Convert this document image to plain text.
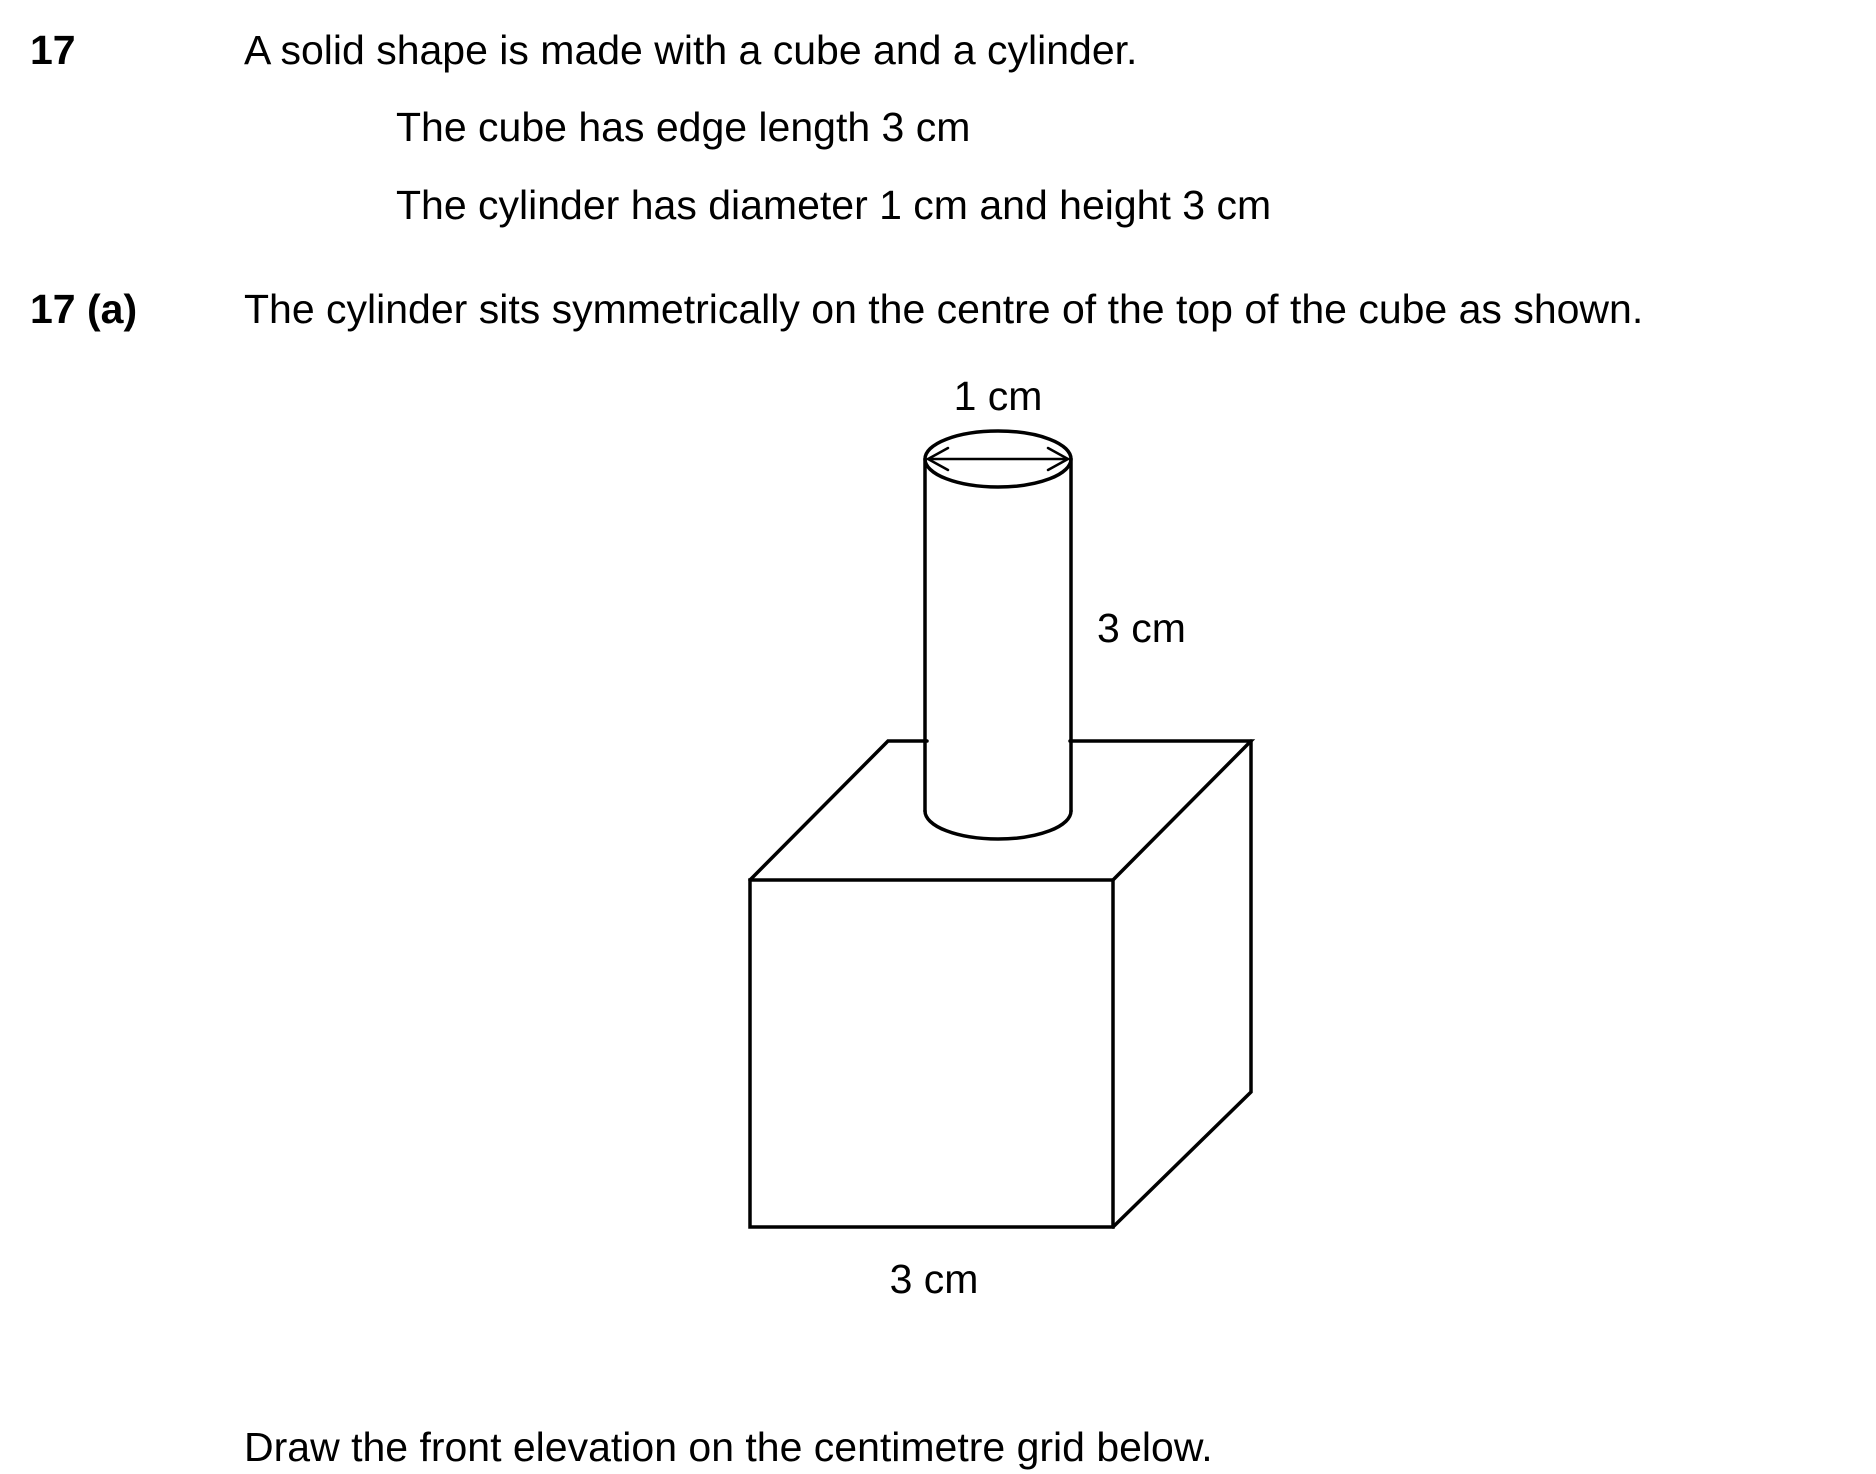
17	A solid shape is made with a cube and a cylinder.
The cube has edge length 3 cm
The cylinder has diameter 1 cm and height 3 cm
17 (a)	The cylinder sits symmetrically on the centre of the top of the cube as shown.
1 cm
3 cm
3 cm
Draw the front elevation on the centimetre grid below.
